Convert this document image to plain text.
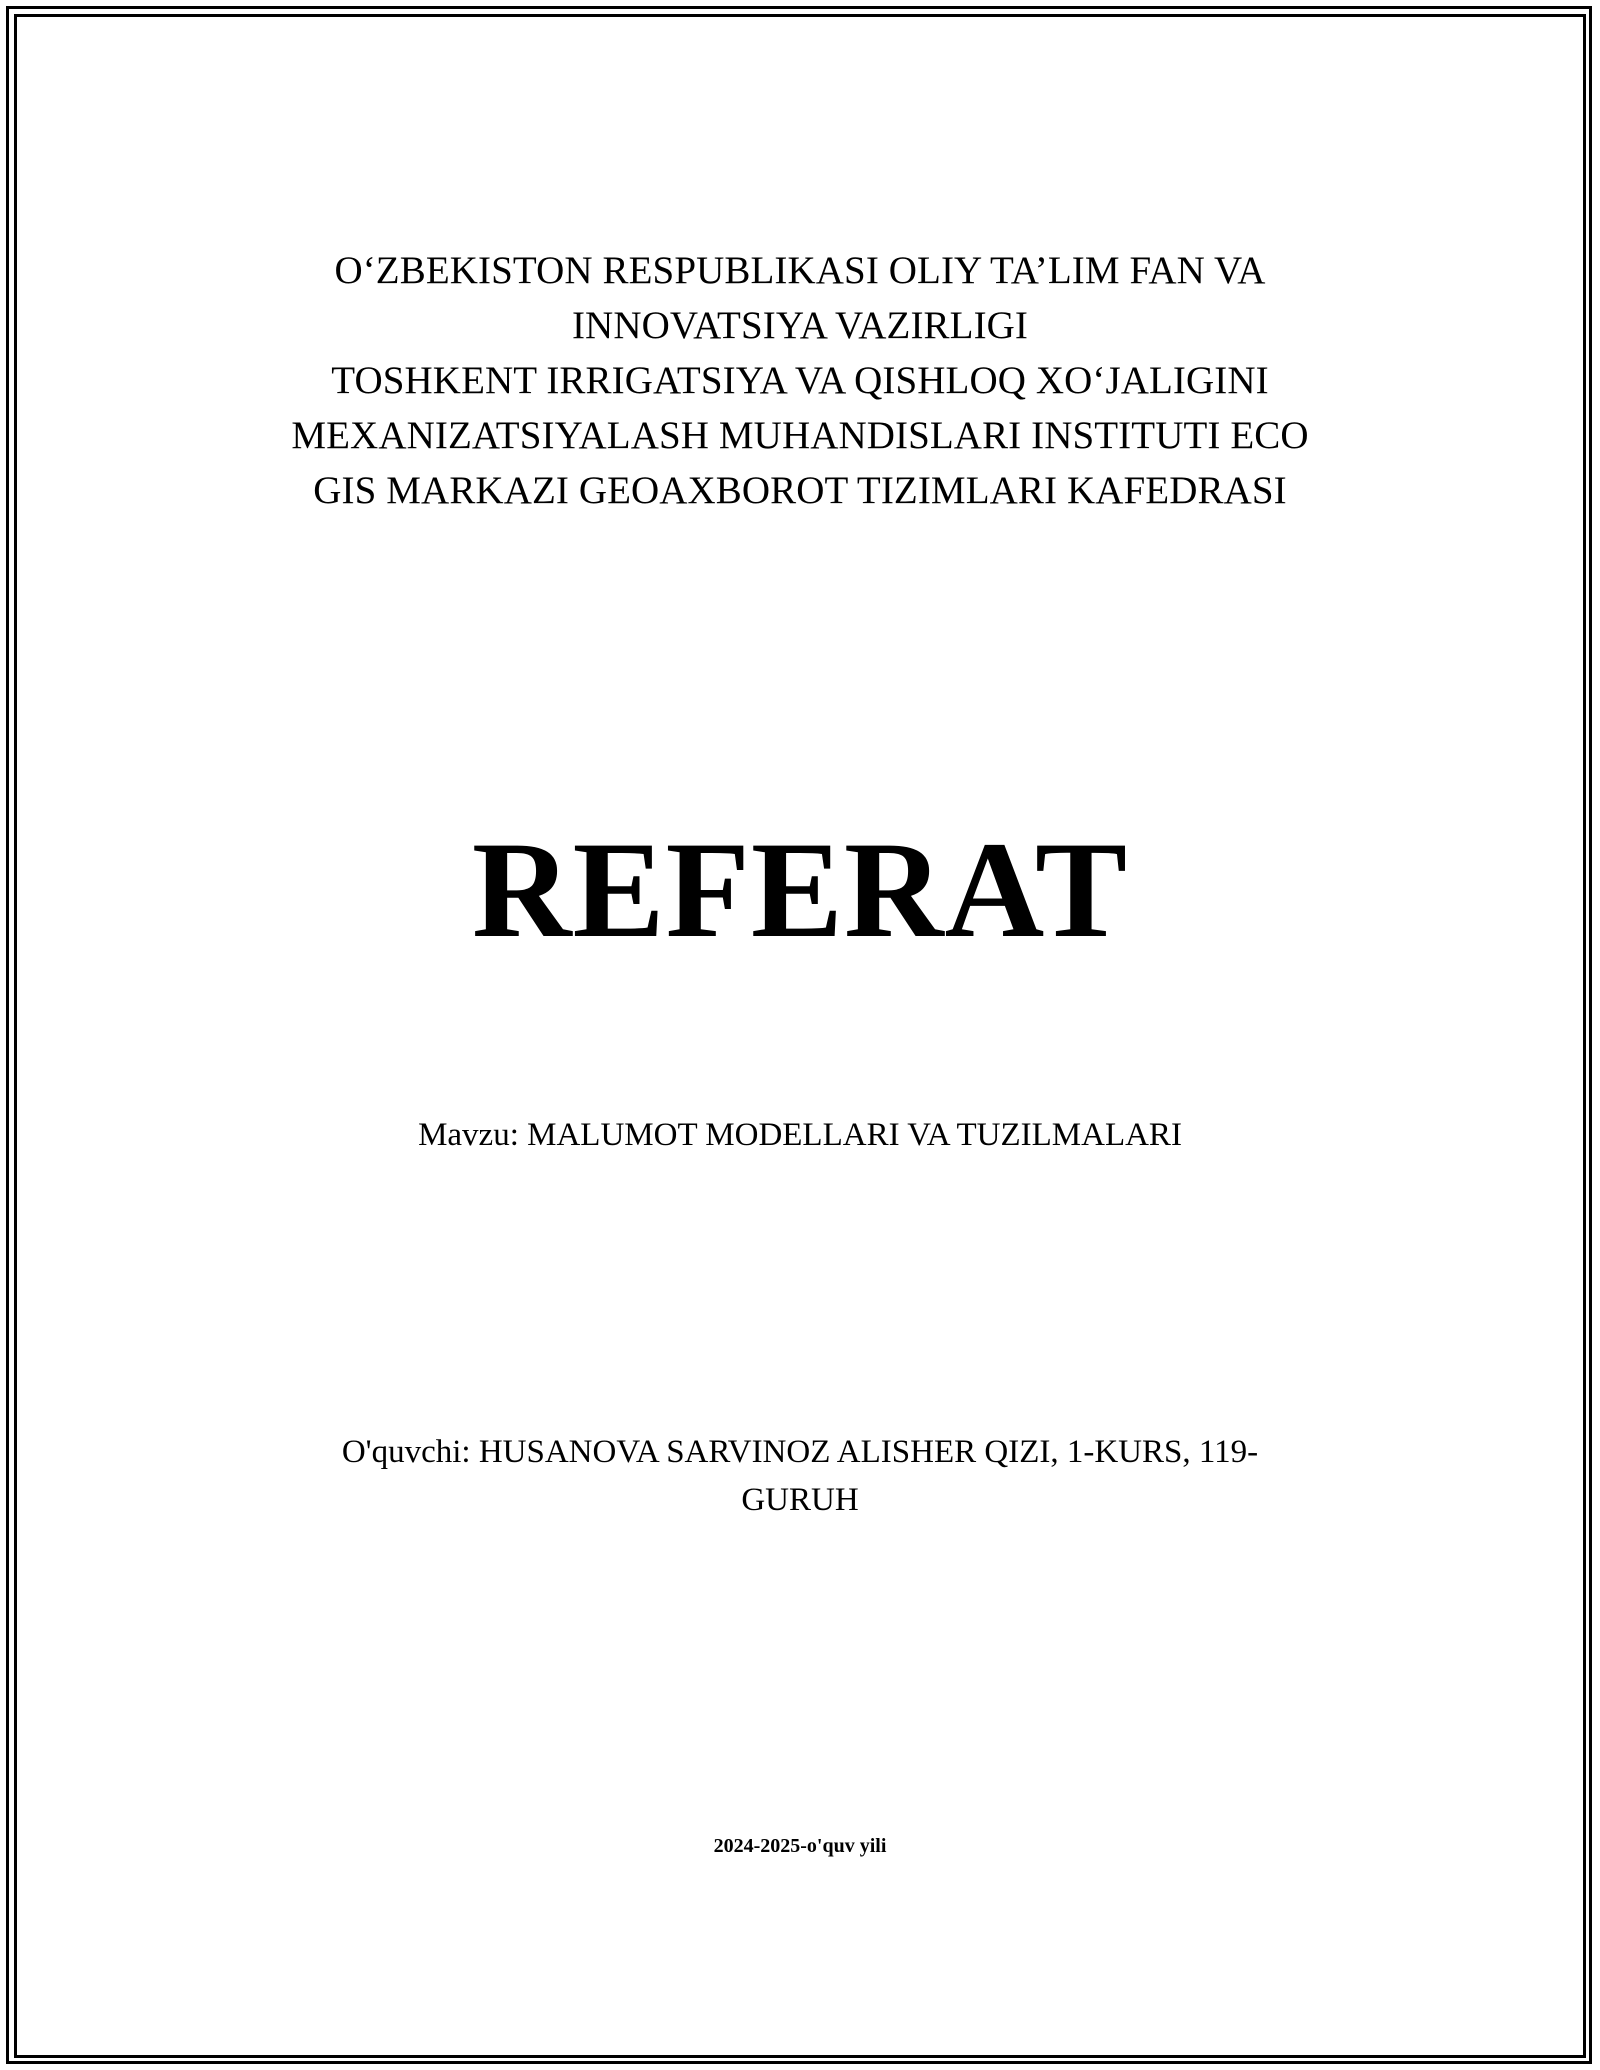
O‘ZBEKISTON RESPUBLIKASI OLIY TA’LIM FAN VA
INNOVATSIYA VAZIRLIGI
TOSHKENT IRRIGATSIYA VA QISHLOQ XO‘JALIGINI
MEXANIZATSIYALASH MUHANDISLARI INSTITUTI ECO
GIS MARKAZI GEOAXBOROT TIZIMLARI KAFEDRASI
REFERAT
Mavzu: MALUMOT MODELLARI VA TUZILMALARI
O'quvchi: HUSANOVA SARVINOZ ALISHER QIZI, 1-KURS, 119-
GURUH
2024-2025-o'quv yili
